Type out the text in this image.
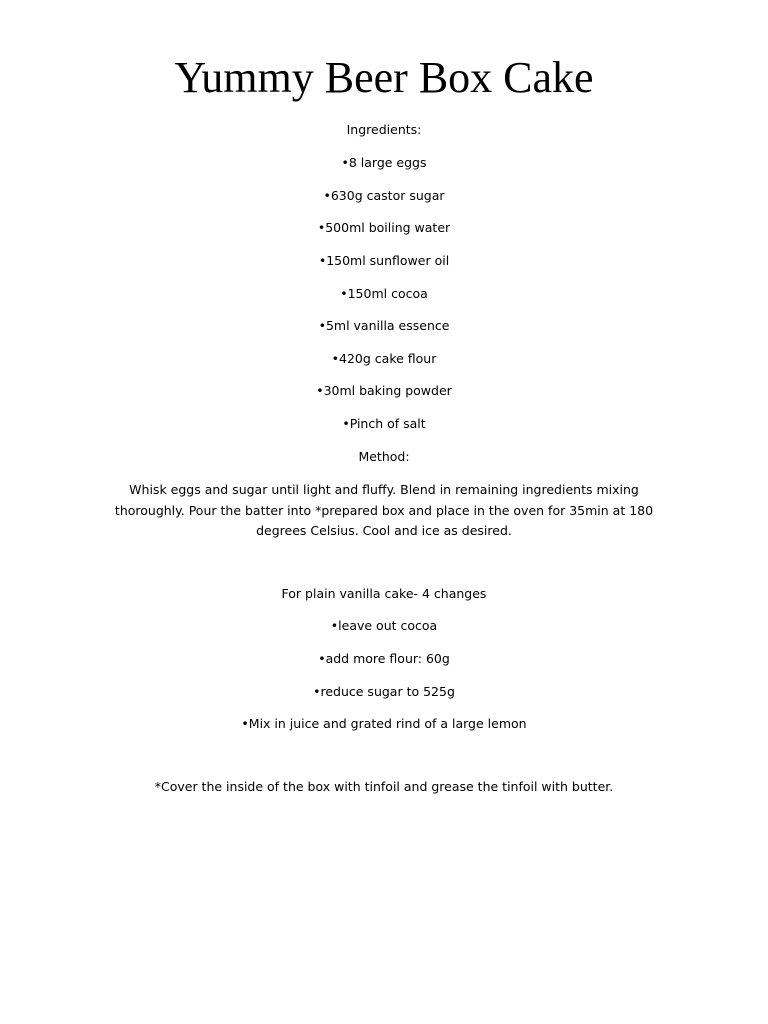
Yummy Beer Box Cake
Ingredients:
•8 large eggs
•630g castor sugar
•500ml boiling water
•150ml sunflower oil
•150ml cocoa
•5ml vanilla essence
•420g cake flour
•30ml baking powder
•Pinch of salt
Method:
Whisk eggs and sugar until light and fluffy. Blend in remaining ingredients mixing thoroughly. Pour the batter into *prepared box and place in the oven for 35min at 180 degrees Celsius. Cool and ice as desired.
For plain vanilla cake- 4 changes
•leave out cocoa
•add more flour: 60g
•reduce sugar to 525g
•Mix in juice and grated rind of a large lemon
*Cover the inside of the box with tinfoil and grease the tinfoil with butter.
